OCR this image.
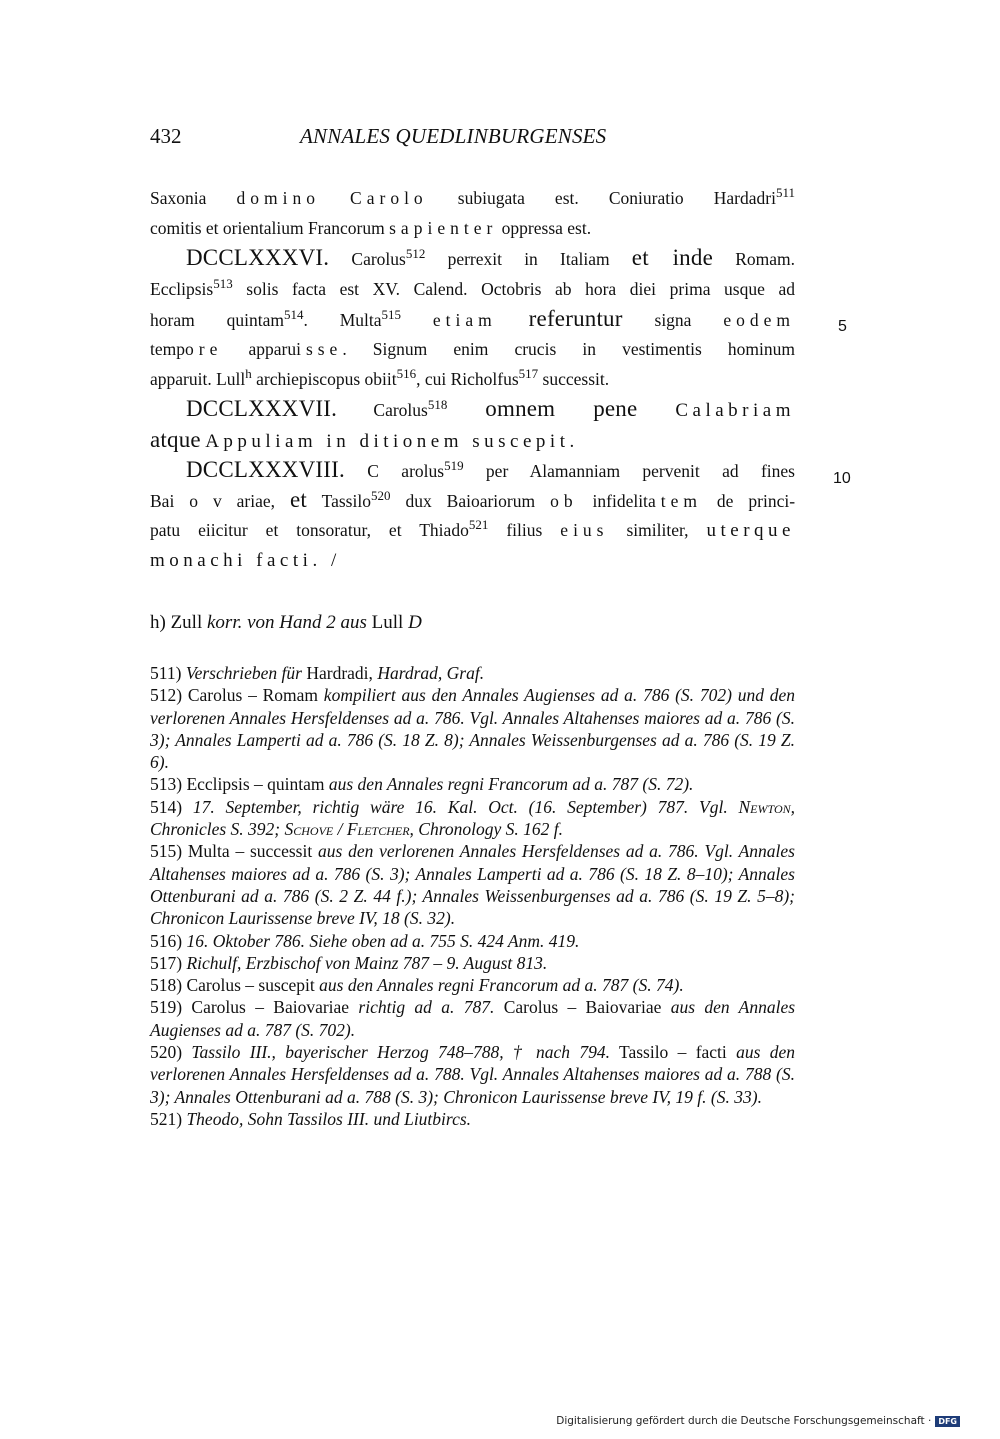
432	ANNALES QUEDLINBURGENSES
Saxonia domino Carolo subiugata est. Coniuratio Hardadri$^{511}$
comitis et orientalium Francorum sapienter oppressa est.
DCCLXXXVI. Carolus$^{512}$ perrexit in Italiam et inde Romam.
Ecclipsis$^{513}$ solis facta est XV. Calend. Octobris ab hora diei prima usque ad
horam quintam$^{514}$. Multa$^{515}$ etiam referuntur signa eodem
tempore apparuisse. Signum enim crucis in vestimentis hominum
apparuit. Lull$^h$ archiepiscopus obiit$^{516}$, cui Richolfus$^{517}$ successit.
DCCLXXXVII. Carolus$^{518}$ omnem pene Calabriam
atque Appuliam in ditionem suscepit.
DCCLXXXVIII. C arolus$^{519}$ per Alamanniam pervenit ad fines
Bai o v ariae, et Tassilo$^{520}$ dux Baioariorum ob infidelitatem de princi-
patu eiicitur et tonsoratur, et Thiado$^{521}$ filius eius similiter, uterque
monachi facti. /
5
10
h) Zull korr. von Hand 2 aus Lull D
511) Verschrieben für Hardradi, Hardrad, Graf.
512) Carolus – Romam kompiliert aus den Annales Augienses ad a. 786 (S. 702) und den verlorenen Annales Hersfeldenses ad a. 786. Vgl. Annales Altahenses maiores ad a. 786 (S. 3); Annales Lamperti ad a. 786 (S. 18 Z. 8); Annales Weissenburgenses ad a. 786 (S. 19 Z. 6).
513) Ecclipsis – quintam aus den Annales regni Francorum ad a. 787 (S. 72).
514) 17. September, richtig wäre 16. Kal. Oct. (16. September) 787. Vgl. Newton, Chronicles S. 392; Schove / Fletcher, Chronology S. 162 f.
515) Multa – successit aus den verlorenen Annales Hersfeldenses ad a. 786. Vgl. Annales Altahenses maiores ad a. 786 (S. 3); Annales Lamperti ad a. 786 (S. 18 Z. 8–10); Annales Ottenburani ad a. 786 (S. 2 Z. 44 f.); Annales Weissenburgenses ad a. 786 (S. 19 Z. 5–8); Chronicon Laurissense breve IV, 18 (S. 32).
516) 16. Oktober 786. Siehe oben ad a. 755 S. 424 Anm. 419.
517) Richulf, Erzbischof von Mainz 787 – 9. August 813.
518) Carolus – suscepit aus den Annales regni Francorum ad a. 787 (S. 74).
519) Carolus – Baiovariae richtig ad a. 787. Carolus – Baiovariae aus den Annales Augienses ad a. 787 (S. 702).
520) Tassilo III., bayerischer Herzog 748–788, † nach 794. Tassilo – facti aus den verlorenen Annales Hersfeldenses ad a. 788. Vgl. Annales Altahenses maiores ad a. 788 (S. 3); Annales Ottenburani ad a. 788 (S. 3); Chronicon Laurissense breve IV, 19 f. (S. 33).
521) Theodo, Sohn Tassilos III. und Liutbircs.
Digitalisierung gefördert durch die Deutsche Forschungsgemeinschaft · DFG
